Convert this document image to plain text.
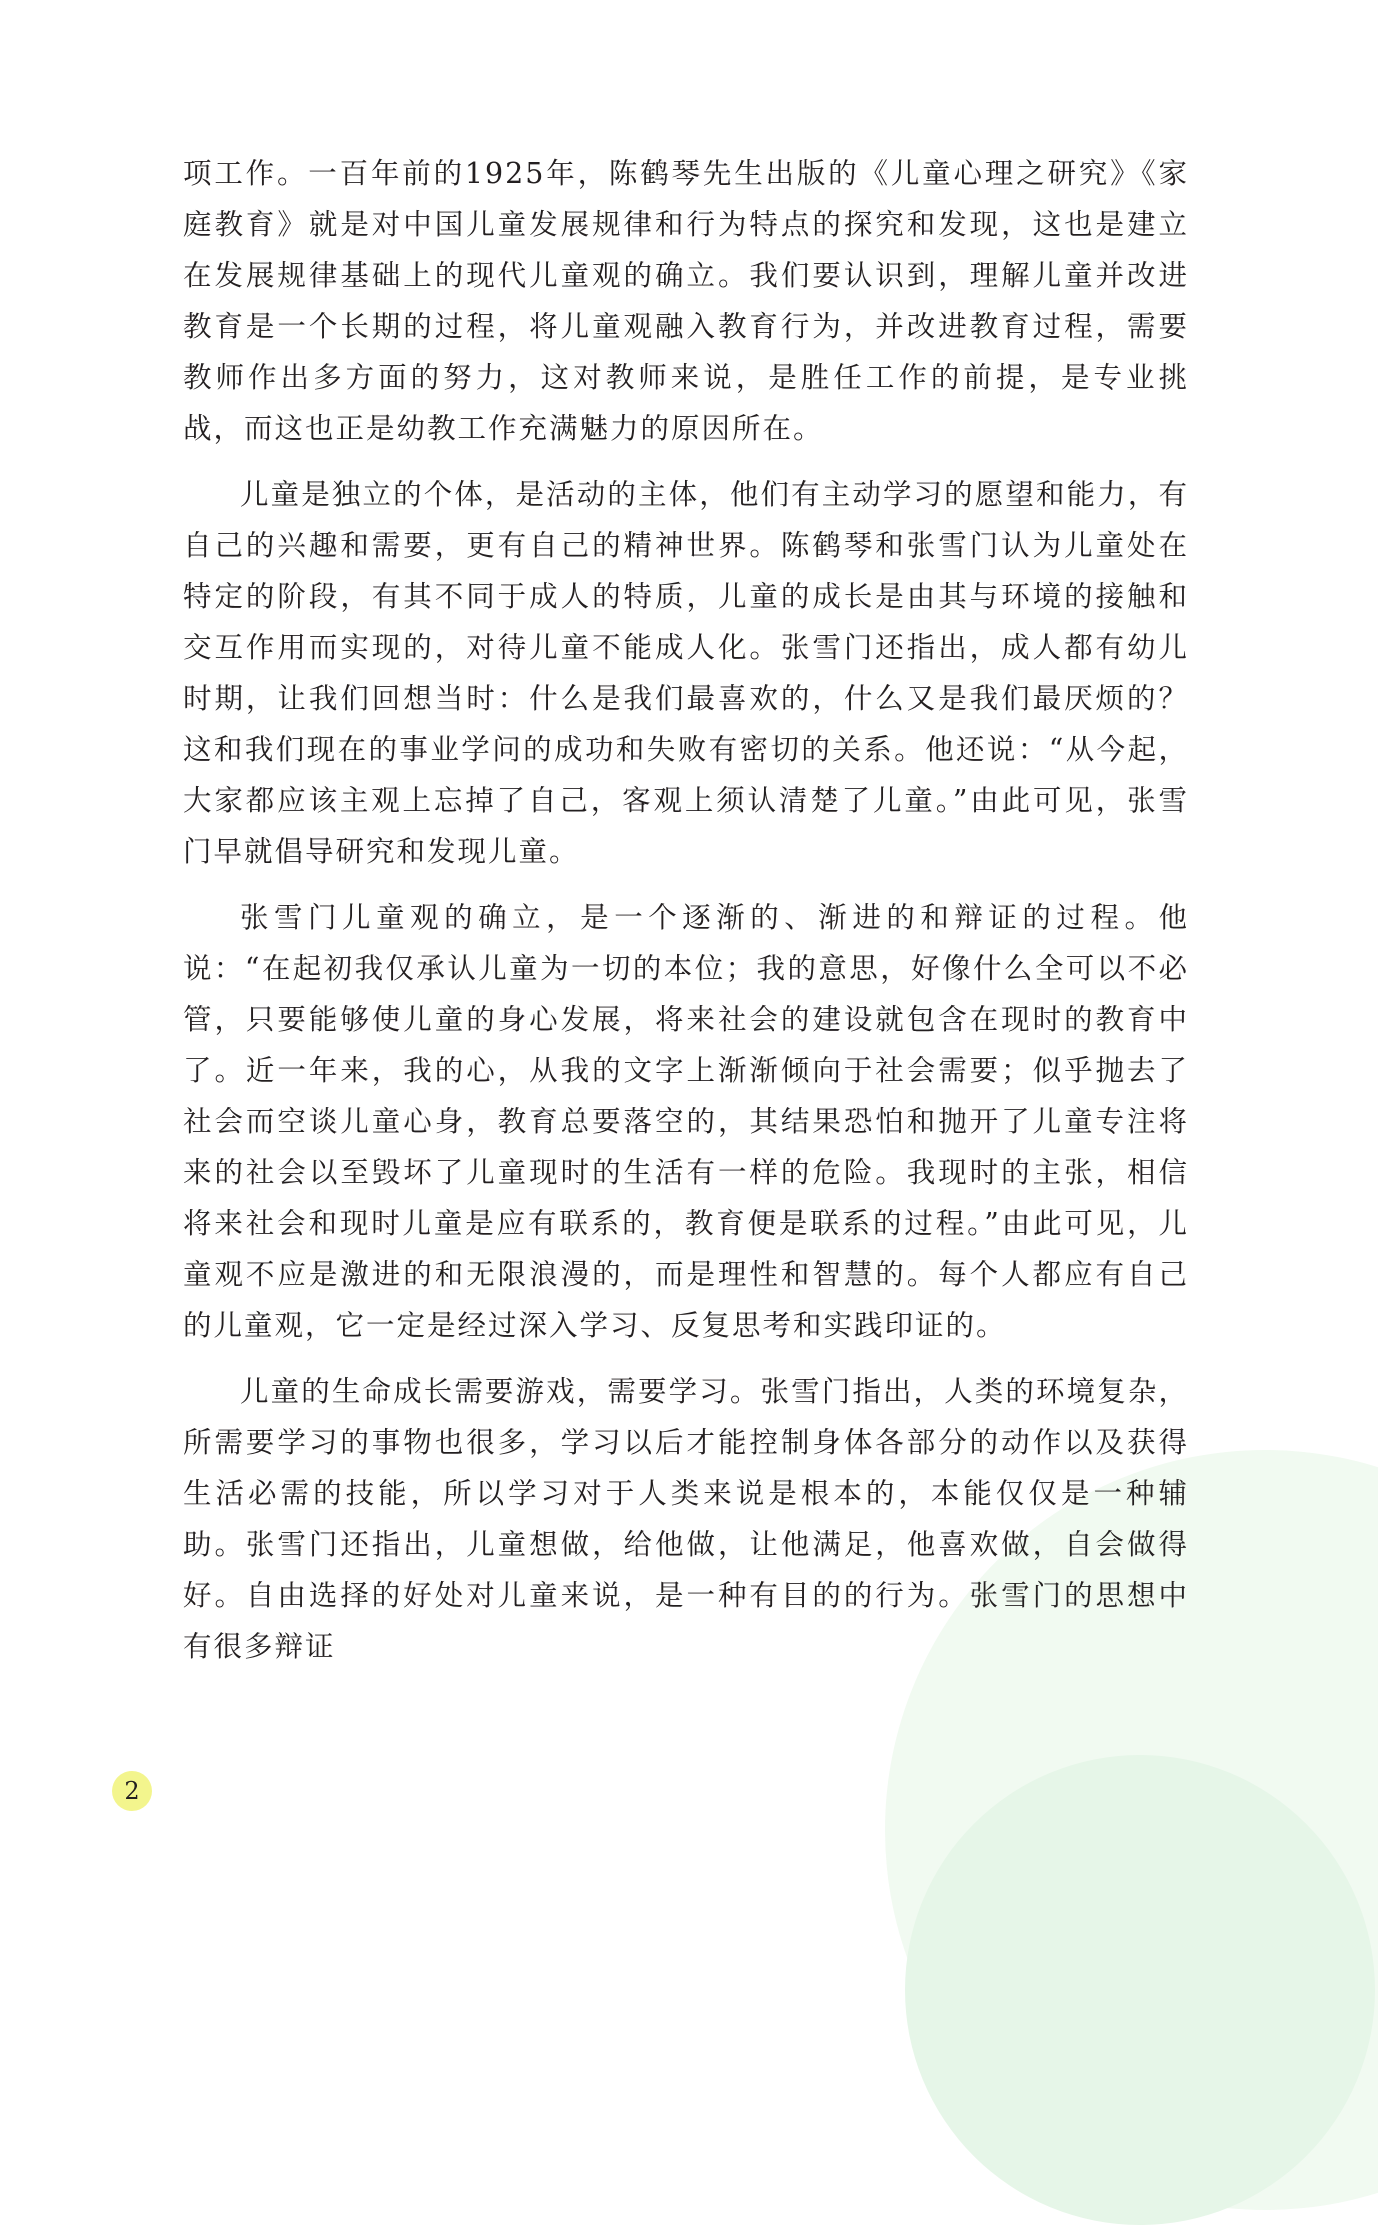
项工作。一百年前的1925年，陈鹤琴先生出版的《儿童心理之研究》《家庭教育》就是对中国儿童发展规律和行为特点的探究和发现，这也是建立在发展规律基础上的现代儿童观的确立。我们要认识到，理解儿童并改进教育是一个长期的过程，将儿童观融入教育行为，并改进教育过程，需要教师作出多方面的努力，这对教师来说，是胜任工作的前提，是专业挑战，而这也正是幼教工作充满魅力的原因所在。

儿童是独立的个体，是活动的主体，他们有主动学习的愿望和能力，有自己的兴趣和需要，更有自己的精神世界。陈鹤琴和张雪门认为儿童处在特定的阶段，有其不同于成人的特质，儿童的成长是由其与环境的接触和交互作用而实现的，对待儿童不能成人化。张雪门还指出，成人都有幼儿时期，让我们回想当时：什么是我们最喜欢的，什么又是我们最厌烦的？这和我们现在的事业学问的成功和失败有密切的关系。他还说：“从今起，大家都应该主观上忘掉了自己，客观上须认清楚了儿童。”由此可见，张雪门早就倡导研究和发现儿童。

张雪门儿童观的确立，是一个逐渐的、渐进的和辩证的过程。他说：“在起初我仅承认儿童为一切的本位；我的意思，好像什么全可以不必管，只要能够使儿童的身心发展，将来社会的建设就包含在现时的教育中了。近一年来，我的心，从我的文字上渐渐倾向于社会需要；似乎抛去了社会而空谈儿童心身，教育总要落空的，其结果恐怕和抛开了儿童专注将来的社会以至毁坏了儿童现时的生活有一样的危险。我现时的主张，相信将来社会和现时儿童是应有联系的，教育便是联系的过程。”由此可见，儿童观不应是激进的和无限浪漫的，而是理性和智慧的。每个人都应有自己的儿童观，它一定是经过深入学习、反复思考和实践印证的。

儿童的生命成长需要游戏，需要学习。张雪门指出，人类的环境复杂，所需要学习的事物也很多，学习以后才能控制身体各部分的动作以及获得生活必需的技能，所以学习对于人类来说是根本的，本能仅仅是一种辅助。张雪门还指出，儿童想做，给他做，让他满足，他喜欢做，自会做得好。自由选择的好处对儿童来说，是一种有目的的行为。张雪门的思想中有很多辩证

2
